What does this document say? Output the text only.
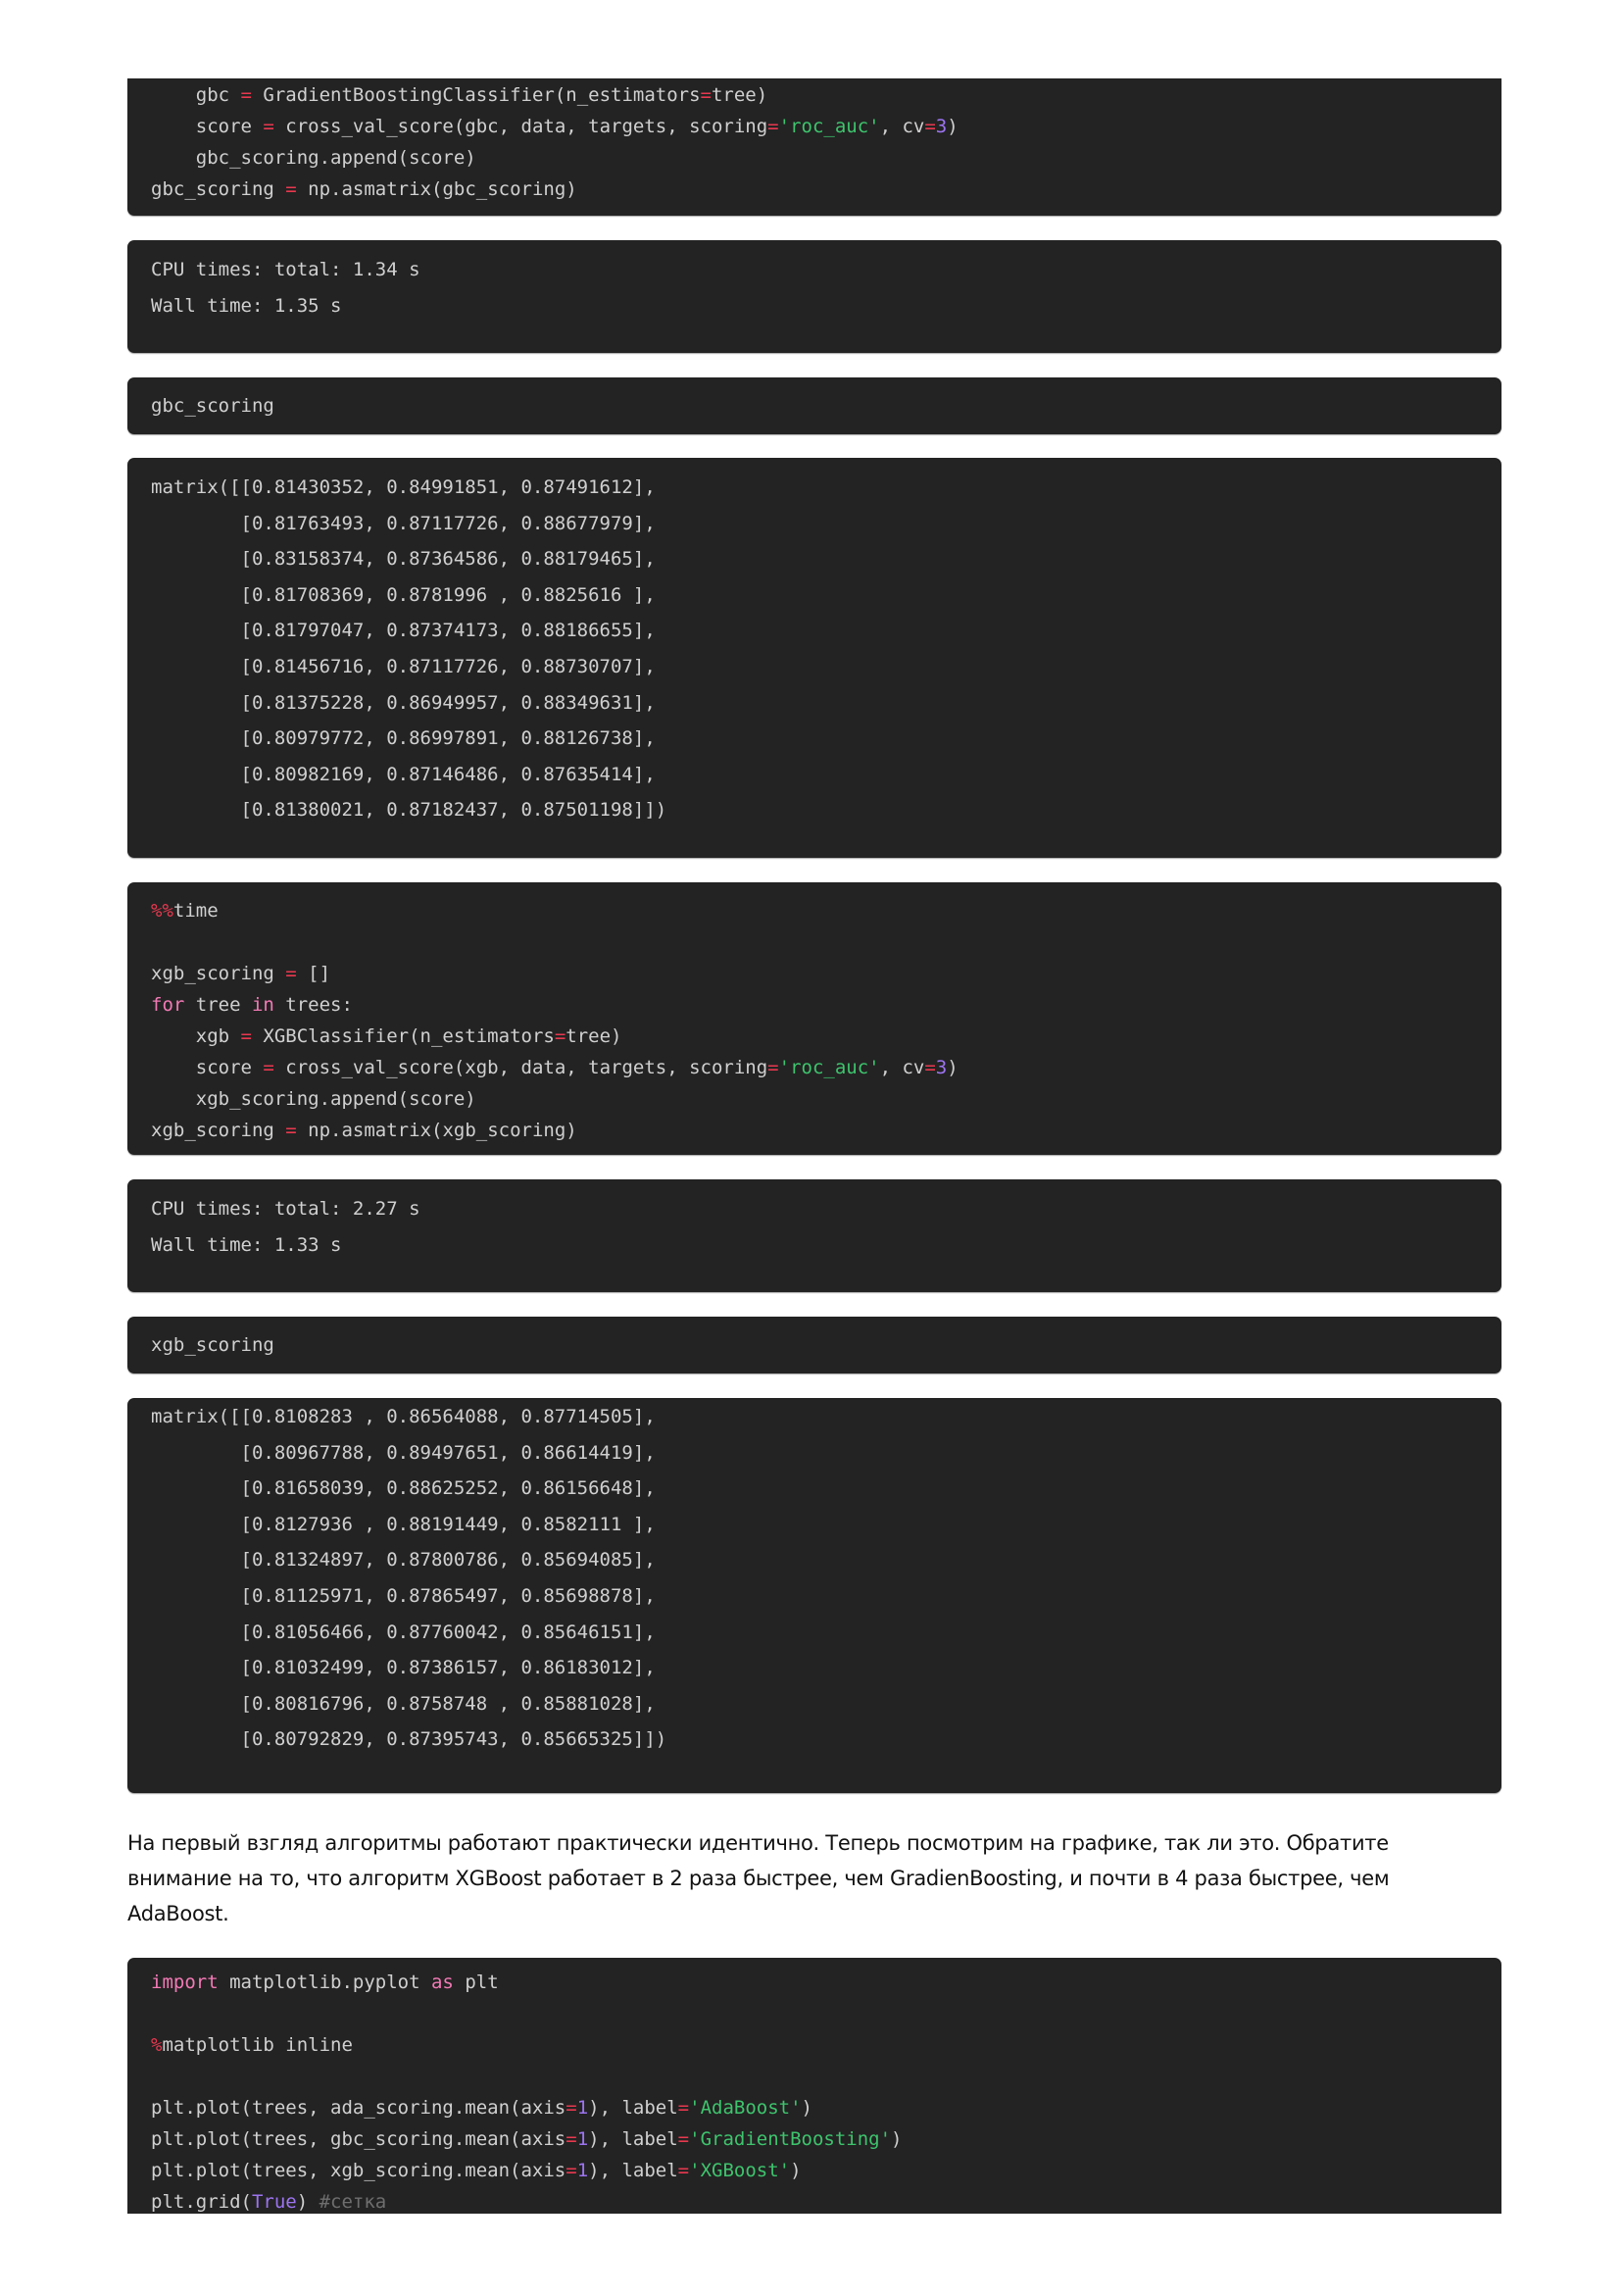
gbc = GradientBoostingClassifier(n_estimators=tree)
score = cross_val_score(gbc, data, targets, scoring='roc_auc', cv=3)
gbc_scoring.append(score)
gbc_scoring = np.asmatrix(gbc_scoring)
CPU times: total: 1.34 s
Wall time: 1.35 s
gbc_scoring
matrix([[0.81430352, 0.84991851, 0.87491612],
[0.81763493, 0.87117726, 0.88677979],
[0.83158374, 0.87364586, 0.88179465],
[0.81708369, 0.8781996 , 0.8825616 ],
[0.81797047, 0.87374173, 0.88186655],
[0.81456716, 0.87117726, 0.88730707],
[0.81375228, 0.86949957, 0.88349631],
[0.80979772, 0.86997891, 0.88126738],
[0.80982169, 0.87146486, 0.87635414],
[0.81380021, 0.87182437, 0.87501198]])
%%time

xgb_scoring = []
for tree in trees:
xgb = XGBClassifier(n_estimators=tree)
score = cross_val_score(xgb, data, targets, scoring='roc_auc', cv=3)
xgb_scoring.append(score)
xgb_scoring = np.asmatrix(xgb_scoring)
CPU times: total: 2.27 s
Wall time: 1.33 s
xgb_scoring
matrix([[0.8108283 , 0.86564088, 0.87714505],
[0.80967788, 0.89497651, 0.86614419],
[0.81658039, 0.88625252, 0.86156648],
[0.8127936 , 0.88191449, 0.8582111 ],
[0.81324897, 0.87800786, 0.85694085],
[0.81125971, 0.87865497, 0.85698878],
[0.81056466, 0.87760042, 0.85646151],
[0.81032499, 0.87386157, 0.86183012],
[0.80816796, 0.8758748 , 0.85881028],
[0.80792829, 0.87395743, 0.85665325]])
На первый взгляд алгоритмы работают практически идентично. Теперь посмотрим на графике, так ли это. Обратите
внимание на то, что алгоритм XGBoost работает в 2 раза быстрее, чем GradienBoosting, и почти в 4 раза быстрее, чем
AdaBoost.
import matplotlib.pyplot as plt

%matplotlib inline

plt.plot(trees, ada_scoring.mean(axis=1), label='AdaBoost')
plt.plot(trees, gbc_scoring.mean(axis=1), label='GradientBoosting')
plt.plot(trees, xgb_scoring.mean(axis=1), label='XGBoost')
plt.grid(True) #сетка
